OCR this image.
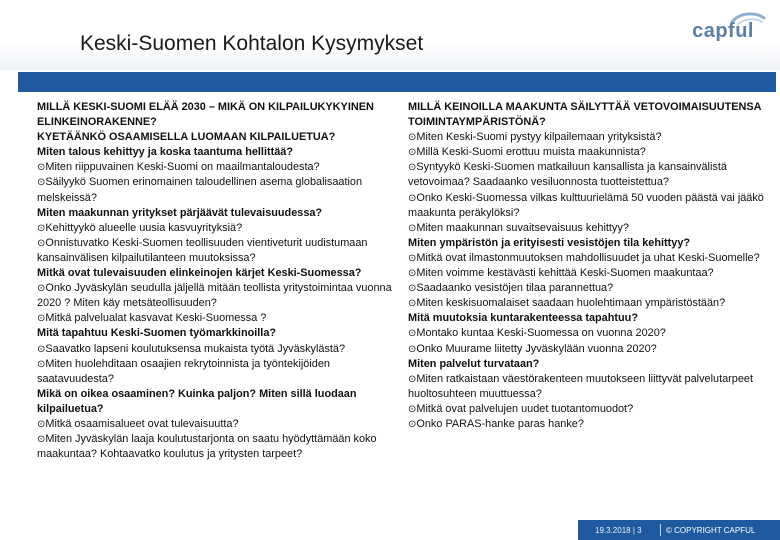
Keski-Suomen Kohtalon Kysymykset
capful

MILLÄ KESKI-SUOMI ELÄÄ 2030 – MIKÄ ON KILPAILUKYKYINEN ELINKEINORAKENNE?

KYETÄÄNKÖ OSAAMISELLA LUOMAAN KILPAILUETUA?

Miten talous kehittyy ja koska taantuma hellittää?

⊙Miten riippuvainen Keski-Suomi on maailmantaloudesta?

⊙Säilyykö Suomen erinomainen taloudellinen asema globalisaation melskeissä?

Miten maakunnan yritykset pärjäävät tulevaisuudessa?

⊙Kehittyykö alueelle uusia kasvuyrityksiä?

⊙Onnistuvatko Keski-Suomen teollisuuden vientiveturit uudistumaan kansainvälisen kilpailutilanteen muutoksissa?

Mitkä ovat tulevaisuuden elinkeinojen kärjet Keski-Suomessa?

⊙Onko Jyväskylän seudulla jäljellä mitään teollista yritystoimintaa vuonna 2020 ? Miten käy metsäteollisuuden?

⊙Mitkä palvelualat kasvavat Keski-Suomessa ?

Mitä tapahtuu Keski-Suomen työmarkkinoilla?

⊙Saavatko lapseni koulutuksensa mukaista työtä Jyväskylästä?

⊙Miten huolehditaan osaajien rekrytoinnista ja työntekijöiden saatavuudesta?

Mikä on oikea osaaminen? Kuinka paljon? Miten sillä luodaan kilpailuetua?

⊙Mitkä osaamisalueet ovat tulevaisuutta?

⊙Miten Jyväskylän laaja koulutustarjonta on saatu hyödyttämään koko maakuntaa? Kohtaavatko koulutus ja yritysten tarpeet?

MILLÄ KEINOILLA MAAKUNTA SÄILYTTÄÄ VETOVOIMAISUUTENSA TOIMINTAYMPÄRISTÖNÄ?

⊙Miten Keski-Suomi pystyy kilpailemaan yrityksistä?

⊙Millä Keski-Suomi erottuu muista maakunnista?

⊙Syntyykö Keski-Suomen matkailuun kansallista ja kansainvälistä vetovoimaa? Saadaanko vesiluonnosta tuotteistettua?

⊙Onko Keski-Suomessa vilkas kulttuurielämä 50 vuoden päästä vai jääkö maakunta peräkylöksi?

⊙Miten maakunnan suvaitsevaisuus kehittyy?

Miten ympäristön ja erityisesti vesistöjen tila kehittyy?

⊙Mitkä ovat ilmastonmuutoksen mahdollisuudet ja uhat Keski-Suomelle?

⊙Miten voimme kestävästi kehittää Keski-Suomen maakuntaa?

⊙Saadaanko vesistöjen tilaa parannettua?

⊙Miten keskisuomalaiset saadaan huolehtimaan ympäristöstään?

Mitä muutoksia kuntarakenteessa tapahtuu?

⊙Montako kuntaa Keski-Suomessa on vuonna 2020?

⊙Onko Muurame liitetty Jyväskylään vuonna 2020?

Miten palvelut turvataan?

⊙Miten ratkaistaan väestörakenteen muutokseen liittyvät palvelutarpeet huoltosuhteen muuttuessa?

⊙Mitkä ovat palvelujen uudet tuotantomuodot?

⊙Onko PARAS-hanke paras hanke?

19.3.2018 | 3	© COPYRIGHT CAPFUL
